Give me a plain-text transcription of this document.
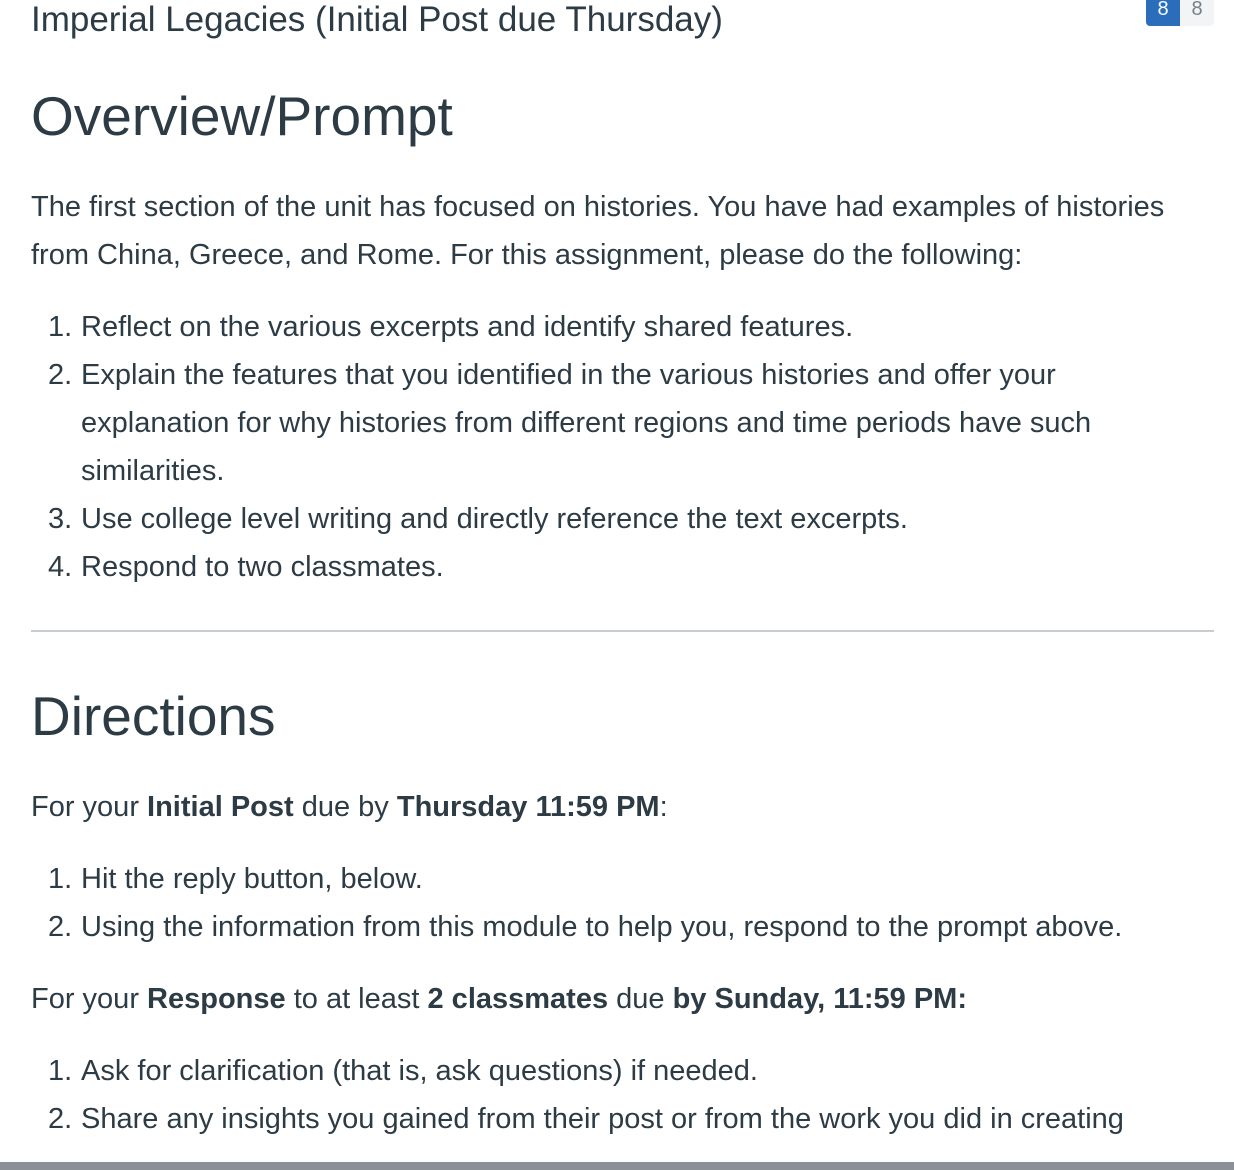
Imperial Legacies (Initial Post due Thursday)	8	8
Overview/Prompt

The first section of the unit has focused on histories. You have had examples of histories from China, Greece, and Rome. For this assignment, please do the following:

1. Reflect on the various excerpts and identify shared features.
2. Explain the features that you identified in the various histories and offer your explanation for why histories from different regions and time periods have such similarities.
3. Use college level writing and directly reference the text excerpts.
4. Respond to two classmates.
Directions

For your Initial Post due by Thursday 11:59 PM:

1. Hit the reply button, below.
2. Using the information from this module to help you, respond to the prompt above.

For your Response to at least 2 classmates due by Sunday, 11:59 PM:

1. Ask for clarification (that is, ask questions) if needed.
2. Share any insights you gained from their post or from the work you did in creating
